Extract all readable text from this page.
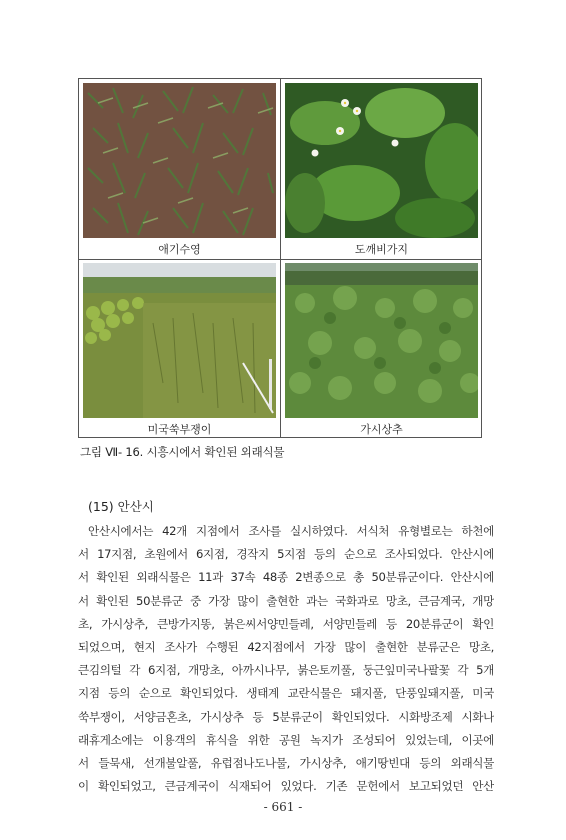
애기수영	도깨비가지
미국쑥부쟁이	가시상추
그림 Ⅶ- 16. 시흥시에서 확인된 외래식물
(15) 안산시
안산시에서는 42개 지점에서 조사를 실시하였다. 서식처 유형별로는 하천에
서 17지점, 초원에서 6지점, 경작지 5지점 등의 순으로 조사되었다. 안산시에
서 확인된 외래식물은 11과 37속 48종 2변종으로 총 50분류군이다. 안산시에
서 확인된 50분류군 중 가장 많이 출현한 과는 국화과로 망초, 큰금계국, 개망
초, 가시상추, 큰방가지똥, 붉은씨서양민들레, 서양민들레 등 20분류군이 확인
되었으며, 현지 조사가 수행된 42지점에서 가장 많이 출현한 분류군은 망초,
큰김의털 각 6지점, 개망초, 아까시나무, 붉은토끼풀, 둥근잎미국나팔꽃 각 5개
지점 등의 순으로 확인되었다. 생태계 교란식물은 돼지풀, 단풍잎돼지풀, 미국
쑥부쟁이, 서양금혼초, 가시상추 등 5분류군이 확인되었다. 시화방조제 시화나
래휴게소에는 이용객의 휴식을 위한 공원 녹지가 조성되어 있었는데, 이곳에
서 들묵새, 선개불알풀, 유럽점나도나물, 가시상추, 애기땅빈대 등의 외래식물
이 확인되었고, 큰금계국이 식재되어 있었다. 기존 문헌에서 보고되었던 안산
- 661 -
